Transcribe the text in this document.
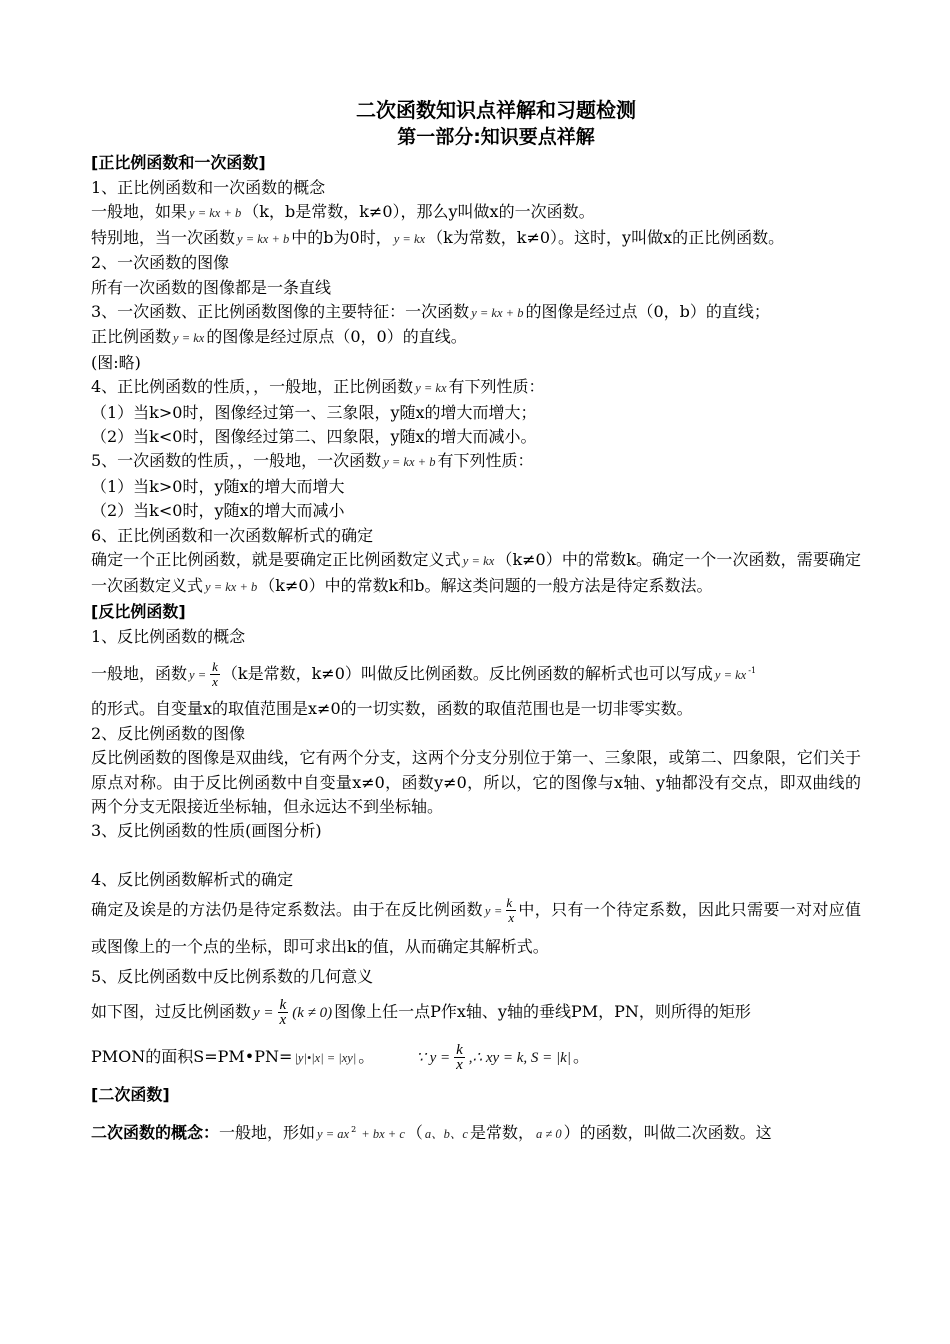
二次函数知识点祥解和习题检测
第一部分:知识要点祥解
[正比例函数和一次函数]

1、正比例函数和一次函数的概念

一般地，如果 y = kx + b （k，b是常数，k≠0），那么y叫做x的一次函数。

特别地，当一次函数 y = kx + b 中的b为0时， y = kx （k为常数，k≠0）。这时，y叫做x的正比例函数。

2、一次函数的图像

所有一次函数的图像都是一条直线

3、一次函数、正比例函数图像的主要特征：一次函数 y = kx + b 的图像是经过点（0，b）的直线；

正比例函数 y = kx 的图像是经过原点（0，0）的直线。

(图:略)

4、正比例函数的性质，，一般地，正比例函数 y = kx 有下列性质：

（1）当k>0时，图像经过第一、三象限，y随x的增大而增大；

（2）当k<0时，图像经过第二、四象限，y随x的增大而减小。

5、一次函数的性质，，一般地，一次函数 y = kx + b 有下列性质：

（1）当k>0时，y随x的增大而增大

（2）当k<0时，y随x的增大而减小

6、正比例函数和一次函数解析式的确定

确定一个正比例函数，就是要确定正比例函数定义式 y = kx （k≠0）中的常数k。确定一个一次函数，需要确定一次函数定义式 y = kx + b （k≠0）中的常数k和b。解这类问题的一般方法是待定系数法。

[反比例函数]

1、反比例函数的概念

一般地，函数 $y = \frac{k}{x} (k$是常数，k≠0）叫做反比例函数。反比例函数的解析式也可以写成 y = kx $^{-1}$

的形式。自变量x的取值范围是x≠0的一切实数，函数的取值范围也是一切非零实数。

2、反比例函数的图像

反比例函数的图像是双曲线，它有两个分支，这两个分支分别位于第一、三象限，或第二、四象限，它们关于原点对称。由于反比例函数中自变量x≠0，函数y≠0，所以，它的图像与x轴、y轴都没有交点，即双曲线的两个分支无限接近坐标轴，但永远达不到坐标轴。

3、反比例函数的性质(画图分析)

4、反比例函数解析式的确定

确定及诶是的方法仍是待定系数法。由于在反比例函数 $y = \frac{k}{x}$ 中，只有一个待定系数，因此只需要一对对应值或图像上的一个点的坐标，即可求出k的值，从而确定其解析式。

5、反比例函数中反比例系数的几何意义

如下图，过反比例函数 $y = \frac{k}{x} (k \ne 0)$ 图像上任一点P作x轴、y轴的垂线PM，PN，则所得的矩形

PMON的面积S=PM•PN= |y|•|x| = |xy| 。	∵ $y = \frac{k}{x}$ ,∴ xy = k, S = |k| 。

[二次函数]

二次函数的概念：一般地，形如 y = ax $^2$ + bx + c （ a、b、c 是常数， a ≠ 0 ）的函数，叫做二次函数。这
